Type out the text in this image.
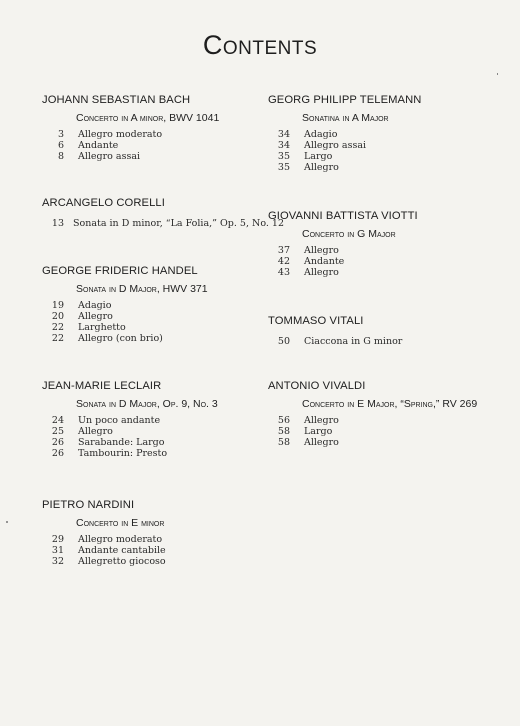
Contents
JOHANN SEBASTIAN BACH
Concerto in A minor, BWV 1041
3	Allegro moderato
6	Andante
8	Allegro assai
ARCANGELO CORELLI
13 Sonata in D minor, “La Folia,” Op. 5, No. 12
GEORGE FRIDERIC HANDEL
Sonata in D Major, HWV 371
19	Adagio
20	Allegro
22	Larghetto
22	Allegro (con brio)
JEAN-MARIE LECLAIR
Sonata in D Major, Op. 9, No. 3
24	Un poco andante
25	Allegro
26	Sarabande: Largo
26	Tambourin: Presto
PIETRO NARDINI
Concerto in E minor
29	Allegro moderato
31	Andante cantabile
32	Allegretto giocoso
GEORG PHILIPP TELEMANN
Sonatina in A Major
34	Adagio
34	Allegro assai
35	Largo
35	Allegro
GIOVANNI BATTISTA VIOTTI
Concerto in G Major
37	Allegro
42	Andante
43	Allegro
TOMMASO VITALI
50	Ciaccona in G minor
ANTONIO VIVALDI
Concerto in E Major, “Spring,” RV 269
56	Allegro
58	Largo
58	Allegro
